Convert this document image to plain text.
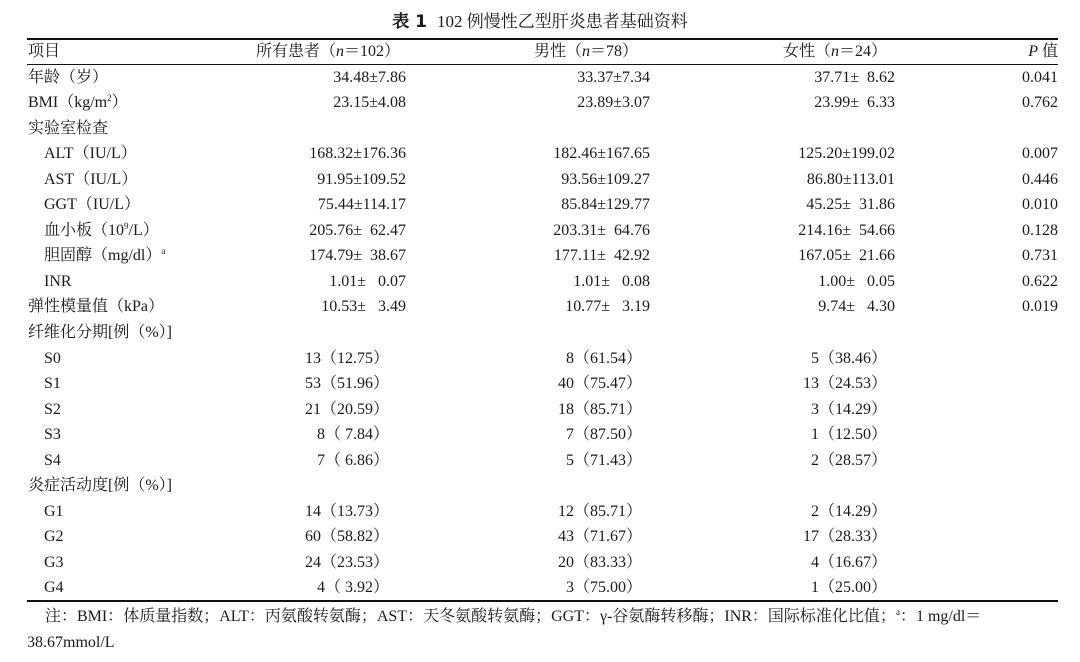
表 1 102 例慢性乙型肝炎患者基础资料
项目	所有患者（n＝102）	男性（n＝78）	女性（n＝24）	P 值
年龄（岁）	34.48±7.86	33.37±7.34	37.71±  8.62	0.041
$BMI(kg/m^2)$	23.15±4.08	23.89±3.07	23.99±  6.33	0.762
实验室检查
ALT（IU/L）	168.32±176.36	182.46±167.65	125.20±199.02	0.007
AST（IU/L）	91.95±109.52	93.56±109.27	86.80±113.01	0.446
GGT（IU/L）	75.44±114.17	85.84±129.77	45.25±  31.86	0.010
血小板$(10^9/L)$	205.76±  62.47	203.31±  64.76	214.16±  54.66	0.128
胆固醇$(mg/dl)^a$	174.79±  38.67	177.11±  42.92	167.05±  21.66	0.731
INR	1.01±   0.07	1.01±   0.08	1.00±   0.05	0.622
弹性模量值（kPa）	10.53±   3.49	10.77±   3.19	9.74±   4.30	0.019
纤维化分期[例（%）]
S0	13（12.75）	8（61.54）	5（38.46）
S1	53（51.96）	40（75.47）	13（24.53）
S2	21（20.59）	18（85.71）	3（14.29）
S3	8（ 7.84）	7（87.50）	1（12.50）
S4	7（ 6.86）	5（71.43）	2（28.57）
炎症活动度[例（%）]
G1	14（13.73）	12（85.71）	2（14.29）
G2	60（58.82）	43（71.67）	17（28.33）
G3	24（23.53）	20（83.33）	4（16.67）
G4	4（ 3.92）	3（75.00）	1（25.00）
注：BMI：体质量指数；ALT：丙氨酸转氨酶；AST：天冬氨酸转氨酶；GGT：γ-谷氨酶转移酶；INR：国际标准化比值；$^a$：1 mg/dl＝
38.67mmol/L
